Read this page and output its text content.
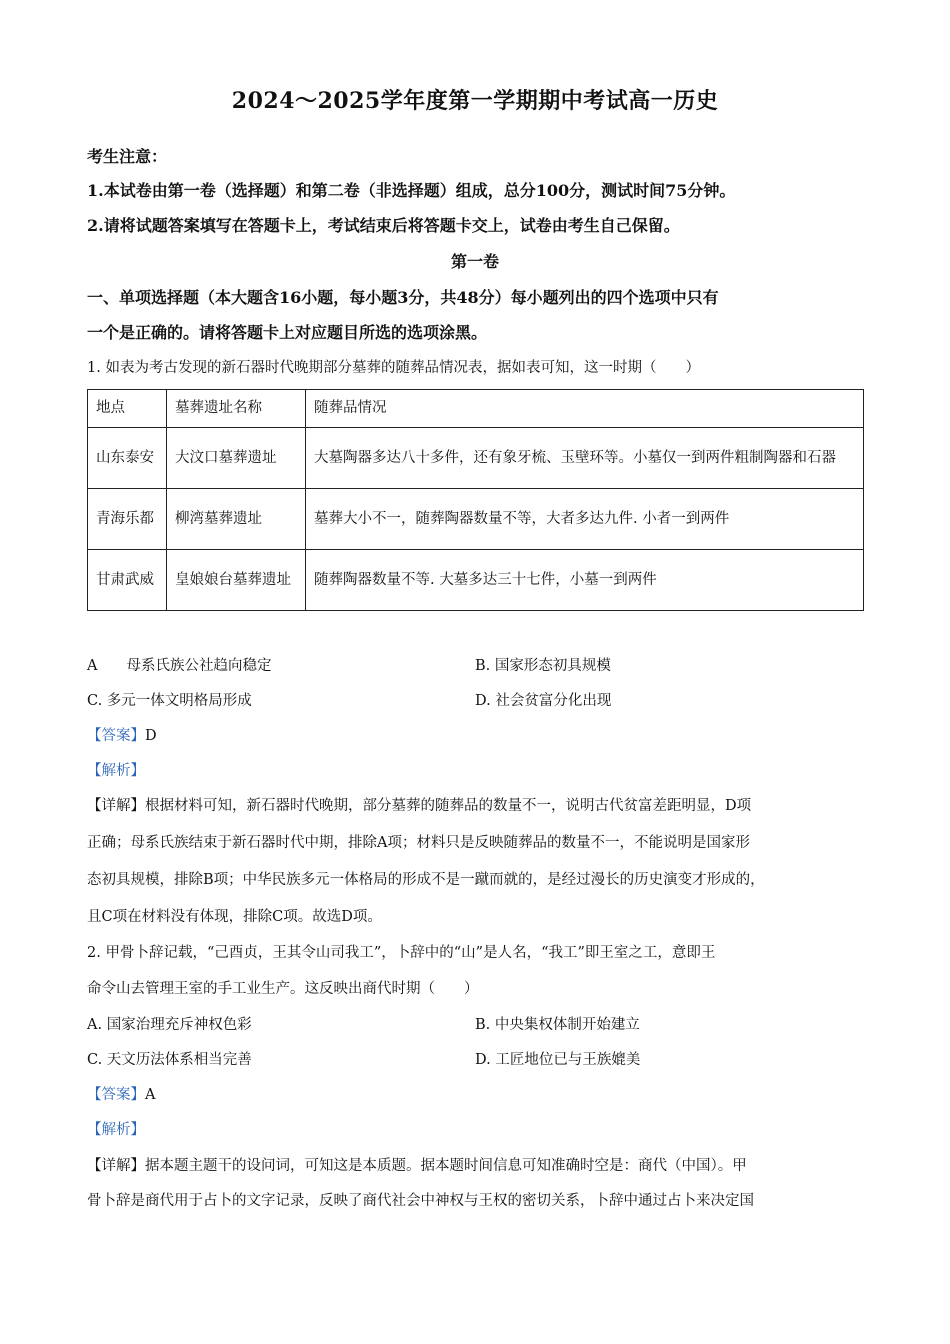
2024～2025学年度第一学期期中考试高一历史
考生注意：
1.本试卷由第一卷（选择题）和第二卷（非选择题）组成，总分100分，测试时间75分钟。
2.请将试题答案填写在答题卡上，考试结束后将答题卡交上，试卷由考生自己保留。
第一卷
一、单项选择题（本大题含16小题，每小题3分，共48分）每小题列出的四个选项中只有
一个是正确的。请将答题卡上对应题目所选的选项涂黑。
1. 如表为考古发现的新石器时代晚期部分墓葬的随葬品情况表，据如表可知，这一时期（　　）
地点	墓葬遗址名称	随葬品情况
山东泰安	大汶口墓葬遗址	大墓陶器多达八十多件，还有象牙梳、玉壁环等。小墓仅一到两件粗制陶器和石器
青海乐都	柳湾墓葬遗址	墓葬大小不一，随葬陶器数量不等，大者多达九件. 小者一到两件
甘肃武威	皇娘娘台墓葬遗址	随葬陶器数量不等. 大墓多达三十七件，小墓一到两件
A　　母系氏族公社趋向稳定	B. 国家形态初具规模
C. 多元一体文明格局形成	D. 社会贫富分化出现
【答案】D
【解析】
【详解】根据材料可知，新石器时代晚期，部分墓葬的随葬品的数量不一，说明古代贫富差距明显，D项
正确；母系氏族结束于新石器时代中期，排除A项；材料只是反映随葬品的数量不一，不能说明是国家形
态初具规模，排除B项；中华民族多元一体格局的形成不是一蹴而就的，是经过漫长的历史演变才形成的，
且C项在材料没有体现，排除C项。故选D项。
2. 甲骨卜辞记载，“己酉贞，王其令山司我工”，卜辞中的“山”是人名，“我工”即王室之工，意即王
命令山去管理王室的手工业生产。这反映出商代时期（　　）
A. 国家治理充斥神权色彩	B. 中央集权体制开始建立
C. 天文历法体系相当完善	D. 工匠地位已与王族媲美
【答案】A
【解析】
【详解】据本题主题干的设问词，可知这是本质题。据本题时间信息可知准确时空是：商代（中国）。甲
骨卜辞是商代用于占卜的文字记录，反映了商代社会中神权与王权的密切关系，卜辞中通过占卜来决定国
